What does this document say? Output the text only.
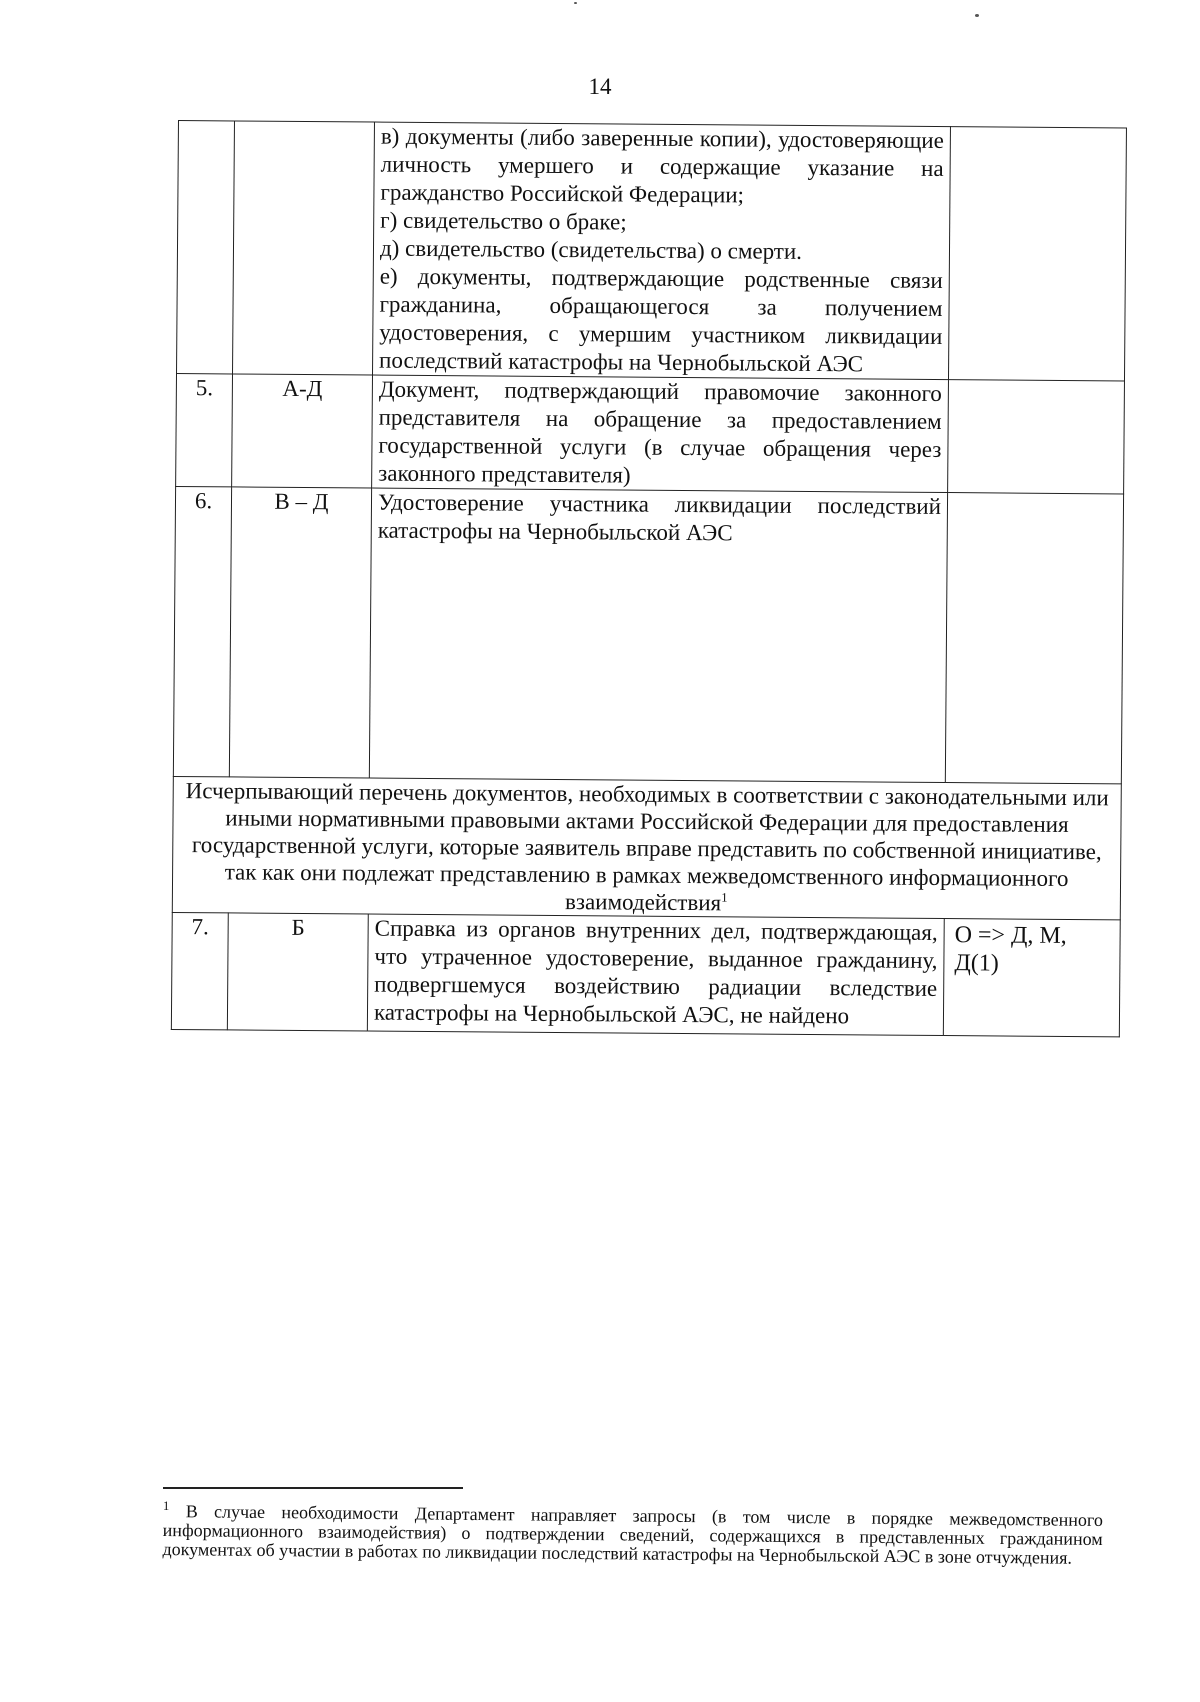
14

		в) документы (либо заверенные копии), удостоверяющие личность умершего и содержащие указание на гражданство Российской Федерации;
г) свидетельство о браке;
д) свидетельство (свидетельства) о смерти.
е) документы, подтверждающие родственные связи гражданина, обращающегося за получением удостоверения, с умершим участником ликвидации последствий катастрофы на Чернобыльской АЭС	

5.	А-Д	Документ, подтверждающий правомочие законного представителя на обращение за предоставлением государственной услуги (в случае обращения через законного представителя)	
6.	В – Д	Удостоверение участника ликвидации последствий катастрофы на Чернобыльской АЭС	
Исчерпывающий перечень документов, необходимых в соответствии с законодательными или иными нормативными правовыми актами Российской Федерации для предоставления государственной услуги, которые заявитель вправе представить по собственной инициативе, так как они подлежат представлению в рамках межведомственного информационного взаимодействия$^1$
7.	Б	Справка из органов внутренних дел, подтверждающая, что утраченное удостоверение, выданное гражданину, подвергшемуся воздействию радиации вследствие катастрофы на Чернобыльской АЭС, не найдено	О => Д, М, Д(1)
$^1$ В случае необходимости Департамент направляет запросы (в том числе в порядке межведомственного информационного взаимодействия) о подтверждении сведений, содержащихся в представленных гражданином документах об участии в работах по ликвидации последствий катастрофы на Чернобыльской АЭС в зоне отчуждения.
